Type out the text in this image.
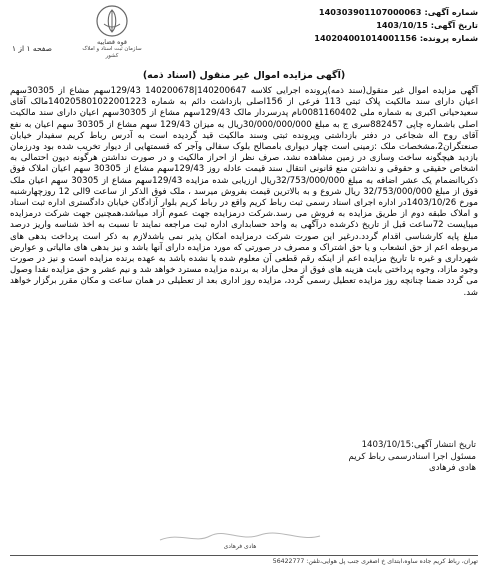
شماره آگهی:
140303901107000063
تاریخ آگهی:
1403/10/15
شماره پرونده:
140204001014001156
قوه قضاییه
سازمان ثبت اسناد و املاک کشور
صفحه ۱ از ۱
(آگهی مزایده اموال غیر منقول (اسناد ذمه)
آگهی مزایده اموال غیر منقول(سند ذمه)پرونده اجرایی کلاسه 140200647|140200678 129/43سهم مشاع از 30305سهم اعیان دارای سند مالکیت پلاک ثبتی 113 فرعی از 156اصلی بازداشت دائم به شماره 140205801022001223مالک آقای سعیدحیانی اکبری به شماره ملی 0081160402نام پدرسردار مالک 129/43سهم مشاع از 30305سهم اعیان دارای سند مالکیت اصلی باشماره چاپی 882457سری ج به مبلغ 30/000/000/000ریال به میزان 129/43 سهم مشاع از 30305 سهم اعیان به نفع آقای روح اله شجاعی در دفتر بازداشتی وپرونده ثبتی وسند مالکیت قید گردیده است به آدرس رباط کریم سفیدار خیابان صنعتگران2،مشخصات ملک :زمینی است چهار دیواری بامصالح بلوک سفالی وآجر که قسمتهایی از دیوار تخریب شده بود ودرزمان بازدید هیچگونه ساخت وسازی در زمین مشاهده نشد، صرف نظر از احراز مالکیت و در صورت نداشتن هرگونه دیون احتمالی به اشخاص حقیقی و حقوقی و نداشتن منع قانونی انتقال سند قیمت عادله روز 129/43سهم مشاع از 30305 سهم اعیان املاک فوق ذکرباانضمام یک عشر اضافه به مبلغ 32/753/000/000ریال ارزیابی شده مزایده 129/43سهم مشاع از 30305 سهم اعیان ملک فوق از مبلغ 32/753/000/000 ریال شروع و به بالاترین قیمت بفروش میرسد ، ملک فوق الذکر از ساعت 9الی 12 روزچهارشنبه مورخ 1403/10/26در اداره اجرای اسناد رسمی ثبت رباط کریم واقع در رباط کریم بلوار آزادگان خیابان دادگستری اداره ثبت اسناد و املاک طبقه دوم از طریق مزایده به فروش می رسد.شرکت درمزایده جهت عموم آزاد میباشد،همچنین جهت شرکت درمزایده میبایست 72ساعت قبل از تاریخ ذکرشده درآگهی به واحد حسابداری اداره ثبت مراجعه نمایند تا نسبت به اخذ شناسه واریز درصد مبلغ پایه کارشناسی اقدام گردد.درغیر این صورت شرکت درمزایده امکان پذیر نمی باشدلازم به ذکر است پرداخت بدهی های مربوطه اعم از حق انشعاب و یا حق اشتراک و مصرف در صورتی که مورد مزایده دارای آنها باشد و نیز بدهی های مالیاتی و عوارض شهرداری و غیره تا تاریخ مزایده اعم از اینکه رقم قطعی آن معلوم شده یا نشده باشد به عهده برنده مزایده است و نیز در صورت وجود مازاد، وجوه پرداختی بابت هزینه های فوق از محل مازاد به برنده مزایده مسترد خواهد شد و نیم عشر و حق مزایده نقدا وصول می گردد ضمنا چنانچه روز مزایده تعطیل رسمی گردد، مزایده روز اداری بعد از تعطیلی در همان ساعت و مکان مقرر برگزار خواهد شد.
تاریخ انتشار آگهی:1403/10/15
مسئول اجرا اسنادرسمی رباط کریم
هادی فرهادی
هادی فرهادی
تهران، رباط کریم جاده ساوه،ابتدای خ اصغری جنب پل هوایی،تلفن: 56422777
